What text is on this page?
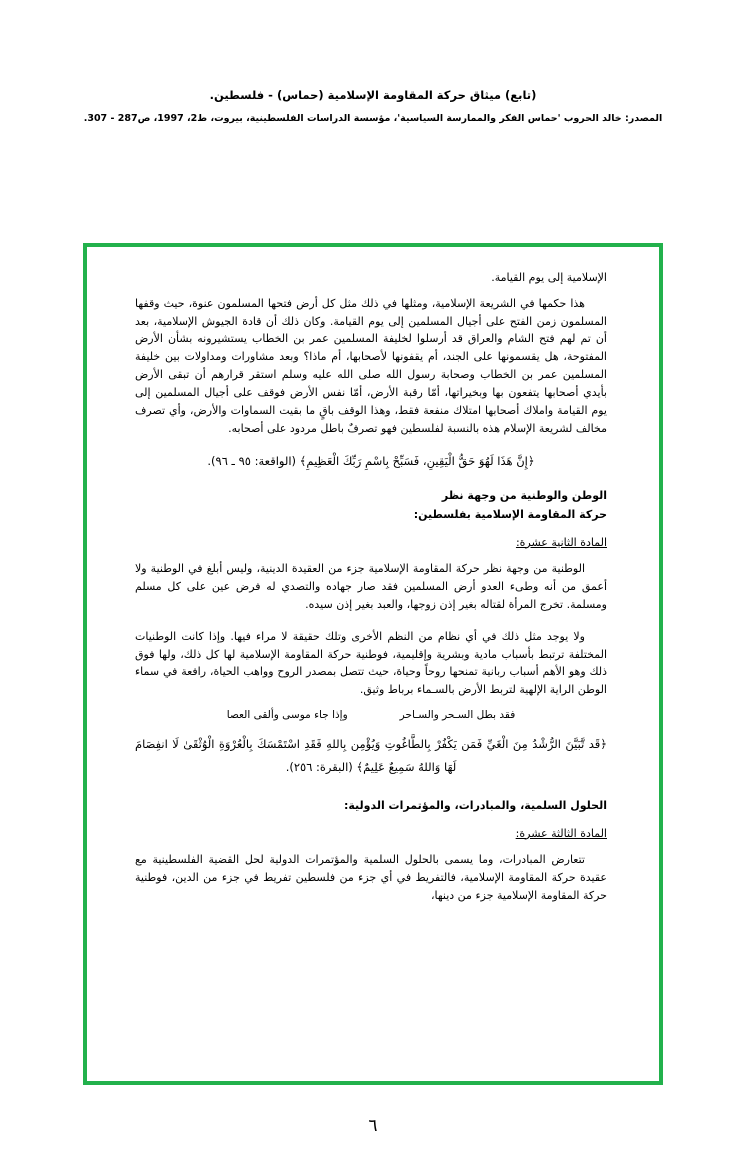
(تابع) ميثاق حركة المقاومة الإسلامية (حماس) - فلسطين.
المصدر: خالد الحروب 'حماس الفكر والممارسة السياسية'، مؤسسة الدراسات الفلسطينية، بيروت، ط2، 1997، ص287 - 307.
الإسلامية إلى يوم القيامة.

هذا حكمها في الشريعة الإسلامية، ومثلها في ذلك مثل كل أرض فتحها المسلمون عنوة، حيث وقفها المسلمون زمن الفتح على أجيال المسلمين إلى يوم القيامة. وكان ذلك أن قادة الجيوش الإسلامية، بعد أن تم لهم فتح الشام والعراق قد أرسلوا لخليفة المسلمين عمر بن الخطاب يستشيرونه بشأن الأرض المفتوحة، هل يقسمونها على الجند، أم يقفونها لأصحابها، أم ماذا؟ وبعد مشاورات ومداولات بين خليفة المسلمين عمر بن الخطاب وصحابة رسول الله صلى الله عليه وسلم استقر قرارهم أن تبقى الأرض بأيدي أصحابها يتفعون بها وبخيراتها، أمّا رقبة الأرض، أمّا نفس الأرض فوقف على أجيال المسلمين إلى يوم القيامة واملاك أصحابها امتلاك منفعة فقط، وهذا الوقف باقٍ ما بقيت السماوات والأرض، وأي تصرف مخالف لشريعة الإسلام هذه بالنسبة لفلسطين فهو تصرفٌ باطل مردود على أصحابه.

﴿إِنَّ هَذَا لَهُوَ حَقُّ الْيَقِينِ، فَسَبِّحْ بِاسْمِ رَبِّكَ الْعَظِيمِ﴾ (الواقعة: ٩٥ ـ ٩٦).
الوطن والوطنية من وجهة نظر
حركة المقاومة الإسلامية بفلسطين:
المادة الثانية عشرة:

الوطنية من وجهة نظر حركة المقاومة الإسلامية جزء من العقيدة الدينية، وليس أبلغ في الوطنية ولا أعمق من أنه وطىء العدو أرض المسلمين فقد صار جهاده والتصدي له فرض عين على كل مسلم ومسلمة. تخرج المرأة لقتاله بغير إذن زوجها، والعبد بغير إذن سيده.

ولا يوجد مثل ذلك في أي نظام من النظم الأخرى وتلك حقيقة لا مراء فيها. وإذا كانت الوطنيات المختلفة ترتبط بأسباب مادية وبشرية وإقليمية، فوطنية حركة المقاومة الإسلامية لها كل ذلك، ولها فوق ذلك وهو الأهم أسباب ربانية تمنحها روحاً وحياة، حيث تتصل بمصدر الروح وواهب الحياة، رافعة في سماء الوطن الراية الإلهية لتربط الأرض بالسـماء برباط وثيق.

فقد بطل السـحر والسـاحر
وإذا جاء موسى وألقى العصا
﴿قَد تَّبَيَّنَ الرُّشْدُ مِنَ الْغَيِّ فَمَن يَكْفُرْ بِالطَّاغُوتِ وَيُؤْمِن بِاللهِ فَقَدِ اسْتَمْسَكَ بِالْعُرْوَةِ الْوُثْقَىٰ لَا انفِصَامَ لَهَا وَاللهُ سَمِيعٌ عَلِيمٌ﴾ (البقرة: ٢٥٦).
الحلول السلمية، والمبادرات، والمؤتمرات الدولية:
المادة الثالثة عشرة:

تتعارض المبادرات، وما يسمى بالحلول السلمية والمؤتمرات الدولية لحل القضية الفلسطينية مع عقيدة حركة المقاومة الإسلامية، فالتفريط في أي جزء من فلسطين تفريط في جزء من الدين، فوطنية حركة المقاومة الإسلامية جزء من دينها،

٦
